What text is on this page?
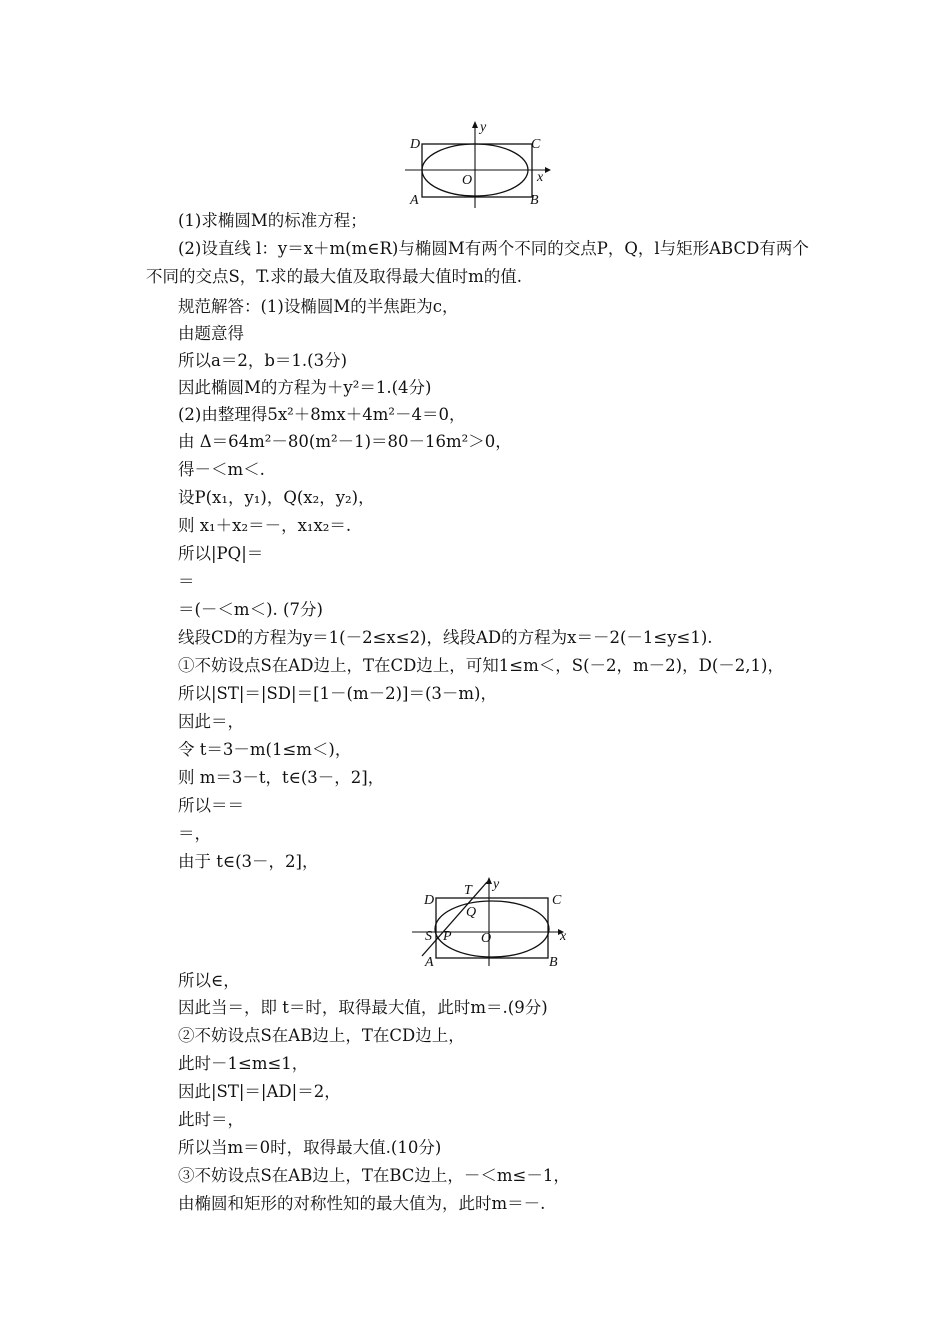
y
x
O
A	B
C
D
(1)求椭圆M的标准方程；
(2)设直线 l：y＝x＋m(m∈R)与椭圆M有两个不同的交点P，Q，l与矩形ABCD有两个
不同的交点S，T.求的最大值及取得最大值时m的值.
规范解答：(1)设椭圆M的半焦距为c，
由题意得
所以a＝2，b＝1.(3分)
因此椭圆M的方程为＋y²＝1.(4分)
(2)由整理得5x²＋8mx＋4m²－4＝0，
由 Δ＝64m²－80(m²－1)＝80－16m²＞0，
得－＜m＜.
设P(x₁，y₁)，Q(x₂，y₂)，
则 x₁＋x₂＝－，x₁x₂＝.
所以|PQ|＝
＝
＝(－＜m＜). (7分)
线段CD的方程为y＝1(－2≤x≤2)，线段AD的方程为x＝－2(－1≤y≤1).
①不妨设点S在AD边上，T在CD边上，可知1≤m＜，S(－2，m－2)，D(－2,1)，
所以|ST|＝|SD|＝[1－(m－2)]＝(3－m)，
因此＝，
令 t＝3－m(1≤m＜)，
则 m＝3－t，t∈(3－，2]，
所以＝＝
＝，
由于 t∈(3－，2]，
y
x
O
A	B
C
D
T
Q
S P
所以∈，
因此当＝，即 t＝时，取得最大值，此时m＝.(9分)
②不妨设点S在AB边上，T在CD边上，
此时－1≤m≤1，
因此|ST|＝|AD|＝2，
此时＝，
所以当m＝0时，取得最大值.(10分)
③不妨设点S在AB边上，T在BC边上，－＜m≤－1，
由椭圆和矩形的对称性知的最大值为，此时m＝－.
